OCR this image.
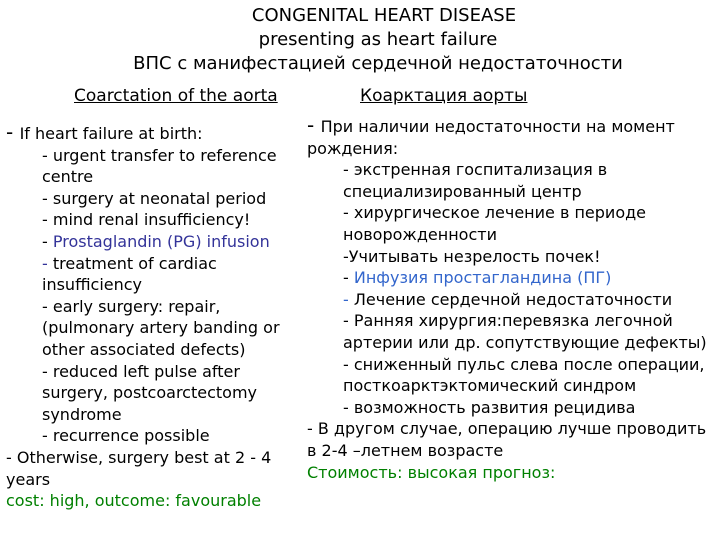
CONGENITAL HEART DISEASE
presenting as heart failure
ВПС с манифестацией сердечной недостаточности
Coarctation of the aorta	Коарктация аорты
- If heart failure at birth:
- urgent transfer to reference centre
- surgery at neonatal period
- mind renal insufficiency!
- Prostaglandin (PG) infusion
- treatment of cardiac insufficiency
- early surgery: repair, (pulmonary artery banding or other associated defects)
- reduced left pulse after surgery, postcoarctectomy syndrome
- recurrence possible
- Otherwise, surgery best at 2 - 4 years
cost: high, outcome: favourable
- При наличии недостаточности на момент рождения:
- экстренная госпитализация в специализированный центр
- хирургическое лечение в периоде новорожденности
-Учитывать незрелость почек!
- Инфузия простагландина (ПГ)
- Лечение сердечной недостаточности
- Ранняя хирургия:перевязка легочной артерии или др. сопутствующие дефекты)
- сниженный пульс слева после операции, посткоарктэктомический синдром
- возможность развития рецидива
- В другом случае, операцию лучше проводить в 2-4 –летнем возрасте
Стоимость: высокая прогноз:
